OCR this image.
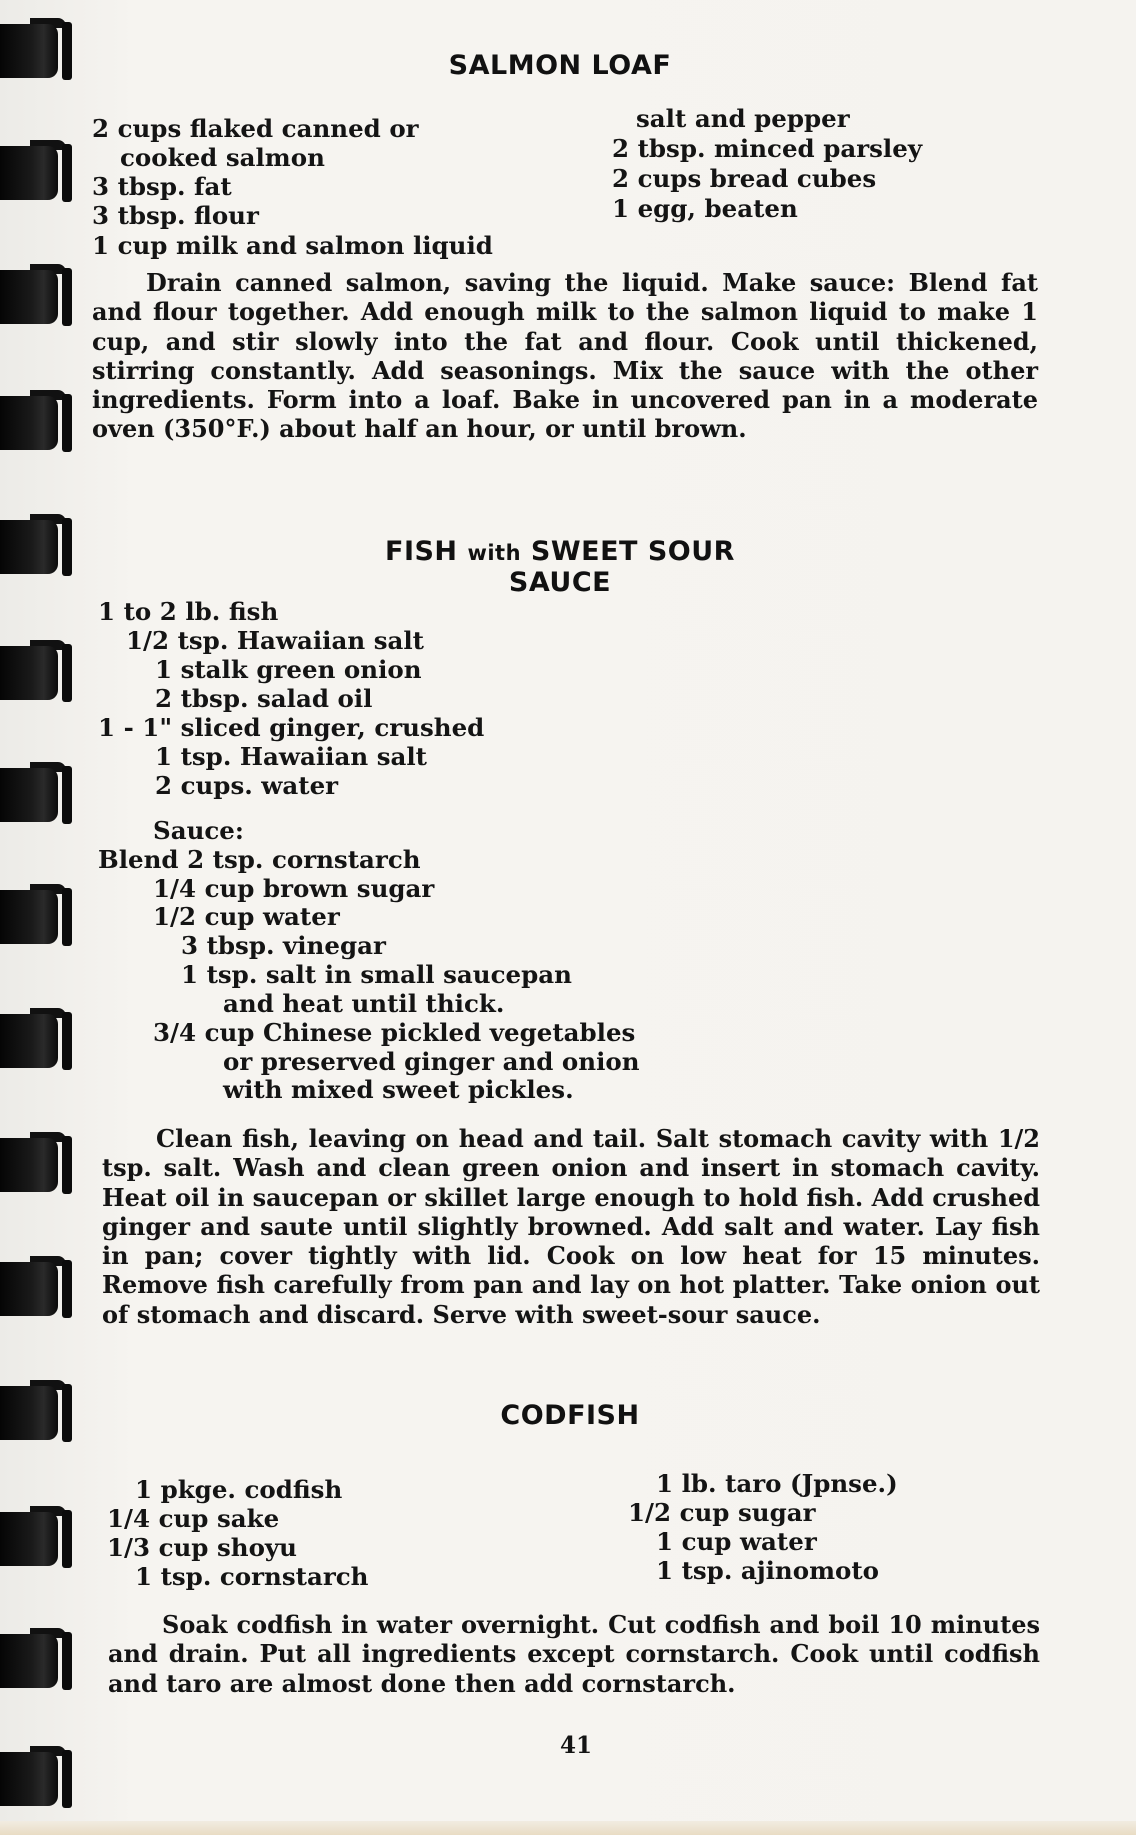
SALMON LOAF
2 cups flaked canned or
cooked salmon
3 tbsp. fat
3 tbsp. flour
1 cup milk and salmon liquid
salt and pepper
2 tbsp. minced parsley
2 cups bread cubes
1 egg, beaten
Drain canned salmon, saving the liquid. Make sauce: Blend fat and flour together. Add enough milk to the salmon liquid to make 1 cup, and stir slowly into the fat and flour. Cook until thickened, stirring constantly. Add seasonings. Mix the sauce with the other ingredients. Form into a loaf. Bake in uncovered pan in a moderate oven (350°F.) about half an hour, or until brown.
FISH with SWEET SOUR SAUCE
1 to 2 lb. fish
1/2 tsp. Hawaiian salt
1 stalk green onion
2 tbsp. salad oil
1 - 1" sliced ginger, crushed
1 tsp. Hawaiian salt
2 cups. water
Sauce:
Blend 2 tsp. cornstarch
1/4 cup brown sugar
1/2 cup water
3 tbsp. vinegar
1 tsp. salt in small saucepan
and heat until thick.
3/4 cup Chinese pickled vegetables
or preserved ginger and onion
with mixed sweet pickles.
Clean fish, leaving on head and tail. Salt stomach cavity with 1/2 tsp. salt. Wash and clean green onion and insert in stomach cavity. Heat oil in saucepan or skillet large enough to hold fish. Add crushed ginger and saute until slightly browned. Add salt and water. Lay fish in pan; cover tightly with lid. Cook on low heat for 15 minutes. Remove fish carefully from pan and lay on hot platter. Take onion out of stomach and discard. Serve with sweet-sour sauce.
CODFISH
1 pkge. codfish
1/4 cup sake
1/3 cup shoyu
1 tsp. cornstarch
1 lb. taro (Jpnse.)
1/2 cup sugar
1 cup water
1 tsp. ajinomoto
Soak codfish in water overnight. Cut codfish and boil 10 minutes and drain. Put all ingredients except cornstarch. Cook until codfish and taro are almost done then add cornstarch.
41
